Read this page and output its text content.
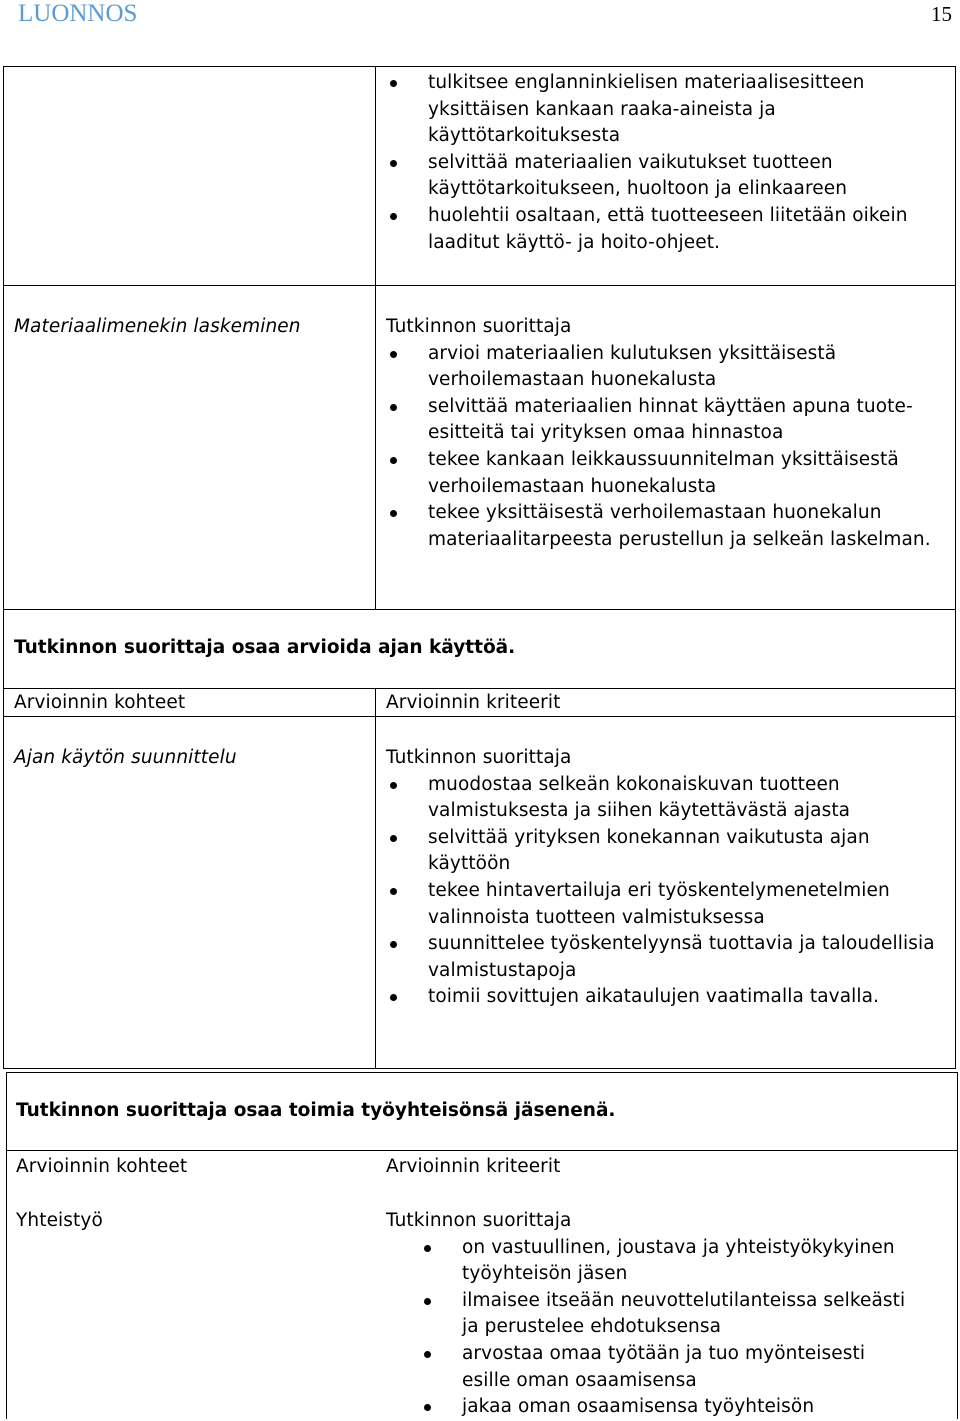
LUONNOS	15
tulkitsee englanninkielisen materiaalisesitteen yksittäisen kankaan raaka-aineista ja käyttötarkoituksesta
selvittää materiaalien vaikutukset tuotteen käyttötarkoitukseen, huoltoon ja elinkaareen
huolehtii osaltaan, että tuotteeseen liitetään oikein laaditut käyttö- ja hoito-ohjeet.
Materiaalimenekin laskeminen	Tutkinnon suorittaja
arvioi materiaalien kulutuksen yksittäisestä verhoilemastaan huonekalusta
selvittää materiaalien hinnat käyttäen apuna tuote-esitteitä tai yrityksen omaa hinnastoa
tekee kankaan leikkaussuunnitelman yksittäisestä verhoilemastaan huonekalusta
tekee yksittäisestä verhoilemastaan huonekalun materiaalitarpeesta perustellun ja selkeän laskelman.
Tutkinnon suorittaja osaa arvioida ajan käyttöä.
Arvioinnin kohteet	Arvioinnin kriteerit
Ajan käytön suunnittelu	Tutkinnon suorittaja
muodostaa selkeän kokonaiskuvan tuotteen valmistuksesta ja siihen käytettävästä ajasta
selvittää yrityksen konekannan vaikutusta ajan käyttöön
tekee hintavertailuja eri työskentelymenetelmien valinnoista tuotteen valmistuksessa
suunnittelee työskentelyynsä tuottavia ja taloudellisia valmistustapoja
toimii sovittujen aikataulujen vaatimalla tavalla.
Tutkinnon suorittaja osaa toimia työyhteisönsä jäsenenä.
Arvioinnin kohteet	Arvioinnin kriteerit
Yhteistyö	Tutkinnon suorittaja
on vastuullinen, joustava ja yhteistyökykyinen työyhteisön jäsen
ilmaisee itseään neuvottelutilanteissa selkeästi ja perustelee ehdotuksensa
arvostaa omaa työtään ja tuo myönteisesti esille oman osaamisensa
jakaa oman osaamisensa työyhteisön
